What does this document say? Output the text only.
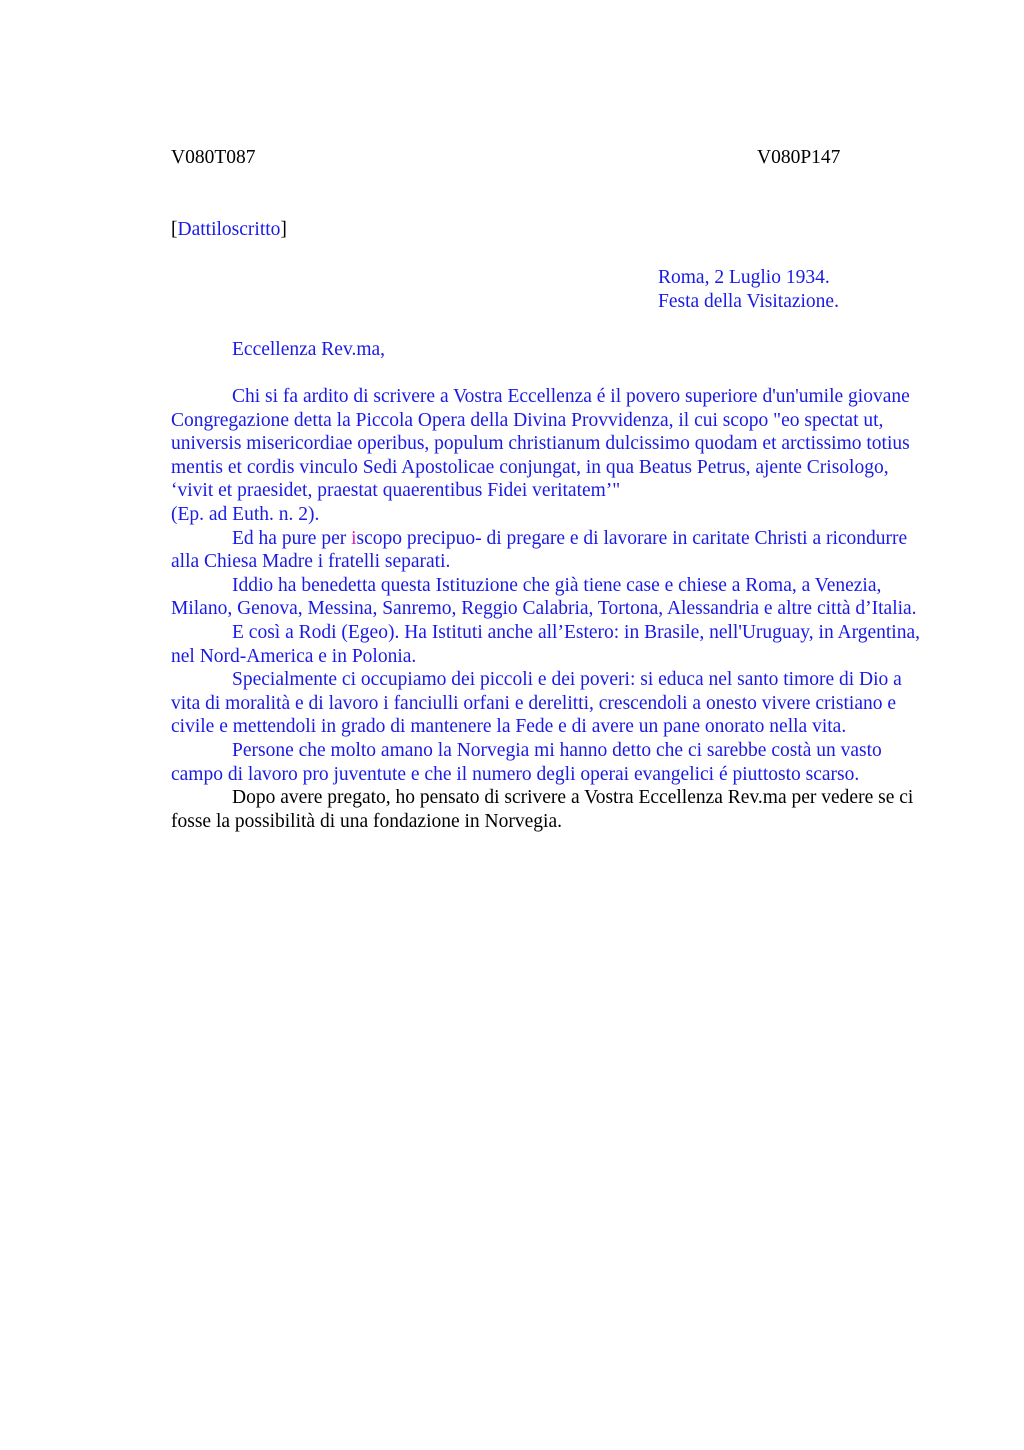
V080T087	V080P147
[Dattiloscritto]
Roma, 2 Luglio 1934.
Festa della Visitazione.
Eccellenza Rev.ma,

Chi si fa ardito di scrivere a Vostra Eccellenza é il povero superiore d'un'umile giovane Congregazione detta la Piccola Opera della Divina Provvidenza, il cui scopo "eo spectat ut, universis misericordiae operibus, populum christianum dulcissimo quodam et arctissimo totius mentis et cordis vinculo Sedi Apostolicae conjungat, in qua Beatus Petrus, ajente Crisologo, ‘vivit et praesidet, praestat quaerentibus Fidei veritatem’"

(Ep. ad Euth. n. 2).

Ed ha pure per iscopo precipuo- di pregare e di lavorare in caritate Christi a ricondurre alla Chiesa Madre i fratelli separati.

Iddio ha benedetta questa Istituzione che già tiene case e chiese a Roma, a Venezia, Milano, Genova, Messina, Sanremo, Reggio Calabria, Tortona, Alessandria e altre città d’Italia.

E così a Rodi (Egeo). Ha Istituti anche all’Estero: in Brasile, nell'Uruguay, in Argentina, nel Nord-America e in Polonia.

Specialmente ci occupiamo dei piccoli e dei poveri: si educa nel santo timore di Dio a vita di moralità e di lavoro i fanciulli orfani e derelitti, crescendoli a onesto vivere cristiano e civile e mettendoli in grado di mantenere la Fede e di avere un pane onorato nella vita.

Persone che molto amano la Norvegia mi hanno detto che ci sarebbe costà un vasto campo di lavoro pro juventute e che il numero degli operai evangelici é piuttosto scarso.

Dopo avere pregato, ho pensato di scrivere a Vostra Eccellenza Rev.ma per vedere se ci fosse la possibilità di una fondazione in Norvegia.
